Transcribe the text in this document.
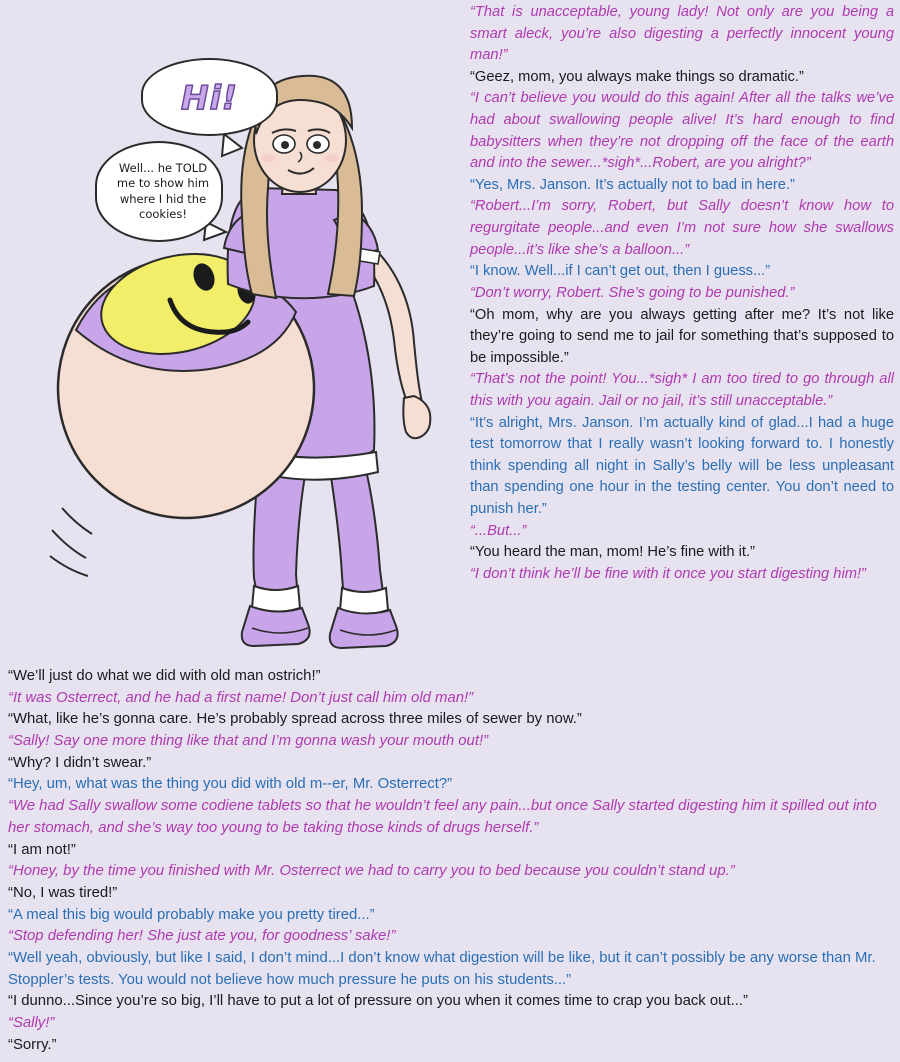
Hi!
Well... he TOLD me to show him where I hid the cookies!

“That is unacceptable, young lady! Not only are you being a smart aleck, you’re also digesting a perfectly innocent young man!”

“Geez, mom, you always make things so dramatic.”

“I can’t believe you would do this again! After all the talks we’ve had about swallowing people alive! It’s hard enough to find babysitters when they’re not dropping off the face of the earth and into the sewer...*sigh*...Robert, are you alright?”

“Yes, Mrs. Janson. It’s actually not to bad in here.”

“Robert...I’m sorry, Robert, but Sally doesn’t know how to regurgitate people...and even I’m not sure how she swallows people...it’s like she’s a balloon...”

“I know. Well...if I can’t get out, then I guess...”

“Don’t worry, Robert. She’s going to be punished.”

“Oh mom, why are you always getting after me? It’s not like they’re going to send me to jail for something that’s supposed to be impossible.”

“That’s not the point! You...*sigh* I am too tired to go through all this with you again. Jail or no jail, it’s still unacceptable.”

“It’s alright, Mrs. Janson. I’m actually kind of glad...I had a huge test tomorrow that I really wasn’t looking forward to. I honestly think spending all night in Sally’s belly will be less unpleasant than spending one hour in the testing center. You don’t need to punish her.”

“...But...”

“You heard the man, mom! He’s fine with it.”

“I don’t think he’ll be fine with it once you start digesting him!”

“We’ll just do what we did with old man ostrich!”

“It was Osterrect, and he had a first name! Don’t just call him old man!”

“What, like he’s gonna care. He’s probably spread across three miles of sewer by now.”

“Sally! Say one more thing like that and I’m gonna wash your mouth out!”

“Why? I didn’t swear.”

“Hey, um, what was the thing you did with old m--er, Mr. Osterrect?”

“We had Sally swallow some codiene tablets so that he wouldn’t feel any pain...but once Sally started digesting him it spilled out into her stomach, and she’s way too young to be taking those kinds of drugs herself.”

“I am not!”

“Honey, by the time you finished with Mr. Osterrect we had to carry you to bed because you couldn’t stand up.”

“No, I was tired!”

“A meal this big would probably make you pretty tired...”

“Stop defending her! She just ate you, for goodness’ sake!”

“Well yeah, obviously, but like I said, I don’t mind...I don’t know what digestion will be like, but it can’t possibly be any worse than Mr. Stoppler’s tests. You would not believe how much pressure he puts on his students...”

“I dunno...Since you’re so big, I’ll have to put a lot of pressure on you when it comes time to crap you back out...”

“Sally!”

“Sorry.”
